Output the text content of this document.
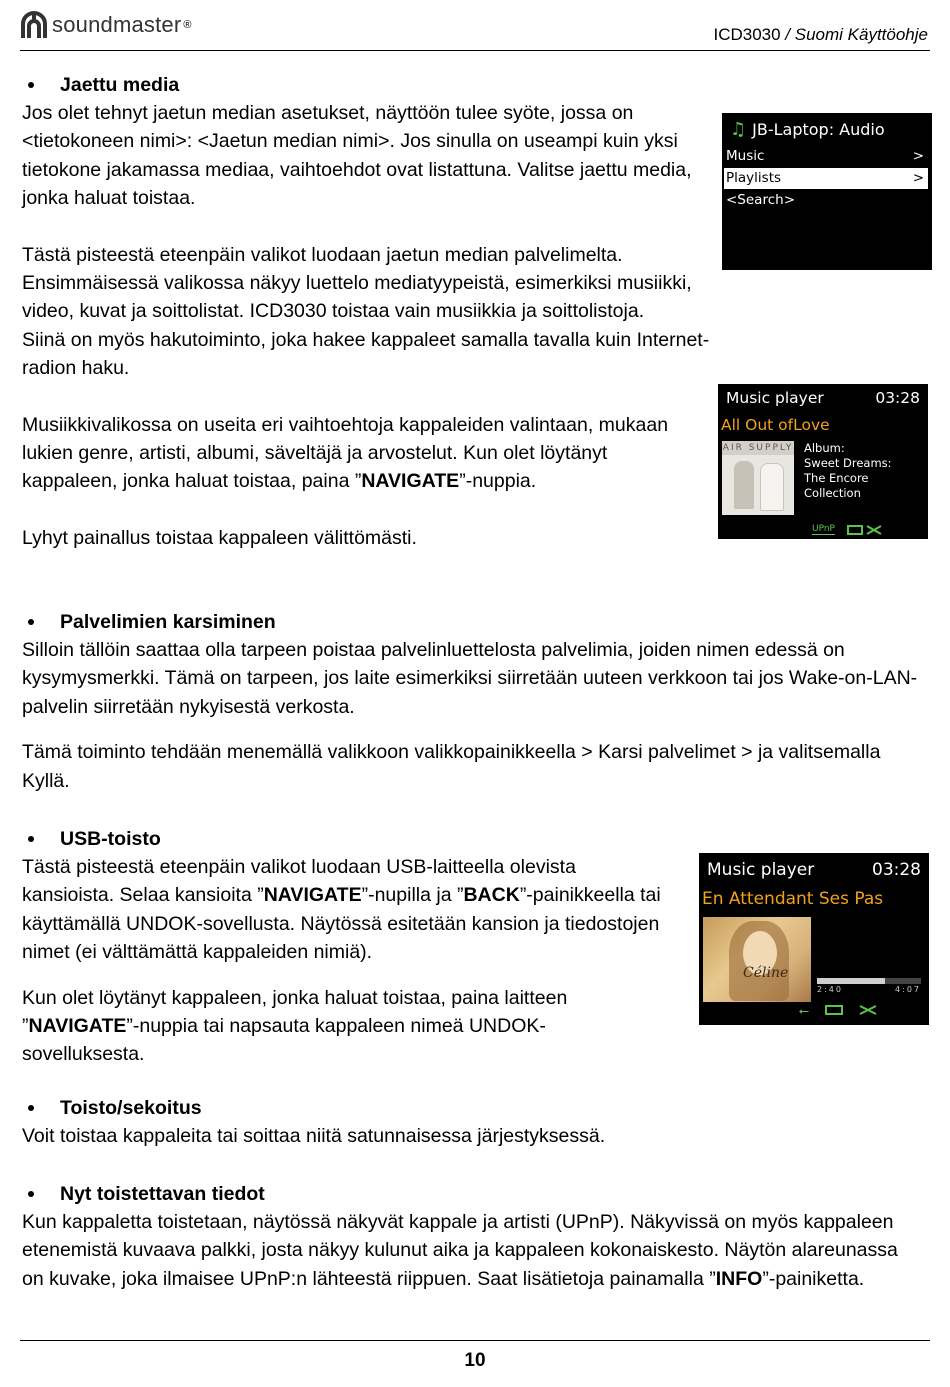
soundmaster ®	ICD3030 / Suomi Käyttöohje
Jaettu media

Jos olet tehnyt jaetun median asetukset, näyttöön tulee syöte, jossa on <tietokoneen nimi>: <Jaetun median nimi>. Jos sinulla on useampi kuin yksi tietokone jakamassa mediaa, vaihtoehdot ovat listattuna. Valitse jaettu media, jonka haluat toistaa.

Tästä pisteestä eteenpäin valikot luodaan jaetun median palvelimelta. Ensimmäisessä valikossa näkyy luettelo mediatyypeistä, esimerkiksi musiikki, video, kuvat ja soittolistat. ICD3030 toistaa vain musiikkia ja soittolistoja.

Siinä on myös hakutoiminto, joka hakee kappaleet samalla tavalla kuin Internet-radion haku.

Musiikkivalikossa on useita eri vaihtoehtoja kappaleiden valintaan, mukaan lukien genre, artisti, albumi, säveltäjä ja arvostelut. Kun olet löytänyt kappaleen, jonka haluat toistaa, paina ”NAVIGATE”-nuppia.

Lyhyt painallus toistaa kappaleen välittömästi.

♫ JB-Laptop: Audio
Music	>
Playlists	>
<Search>
Music player	03:28
All Out ofLove
AIR SUPPLY Album:
Sweet Dreams:
The Encore
Collection
UPnP
Palvelimien karsiminen

Silloin tällöin saattaa olla tarpeen poistaa palvelinluettelosta palvelimia, joiden nimen edessä on kysymysmerkki. Tämä on tarpeen, jos laite esimerkiksi siirretään uuteen verkkoon tai jos Wake-on-LAN-palvelin siirretään nykyisestä verkosta.

Tämä toiminto tehdään menemällä valikkoon valikkopainikkeella > Karsi palvelimet > ja valitsemalla Kyllä.

USB-toisto

Tästä pisteestä eteenpäin valikot luodaan USB-laitteella olevista kansioista. Selaa kansioita ”NAVIGATE”-nupilla ja ”BACK”-painikkeella tai käyttämällä UNDOK-sovellusta. Näytössä esitetään kansion ja tiedostojen nimet (ei välttämättä kappaleiden nimiä).

Kun olet löytänyt kappaleen, jonka haluat toistaa, paina laitteen ”NAVIGATE”-nuppia tai napsauta kappaleen nimeä UNDOK-sovelluksesta.

Music player	03:28
En Attendant Ses Pas
Céline
2:40	4:07
⭠
Toisto/sekoitus

Voit toistaa kappaleita tai soittaa niitä satunnaisessa järjestyksessä.

Nyt toistettavan tiedot

Kun kappaletta toistetaan, näytössä näkyvät kappale ja artisti (UPnP). Näkyvissä on myös kappaleen etenemistä kuvaava palkki, josta näkyy kulunut aika ja kappaleen kokonaiskesto. Näytön alareunassa on kuvake, joka ilmaisee UPnP:n lähteestä riippuen. Saat lisätietoja painamalla ”INFO”-painiketta.

10
